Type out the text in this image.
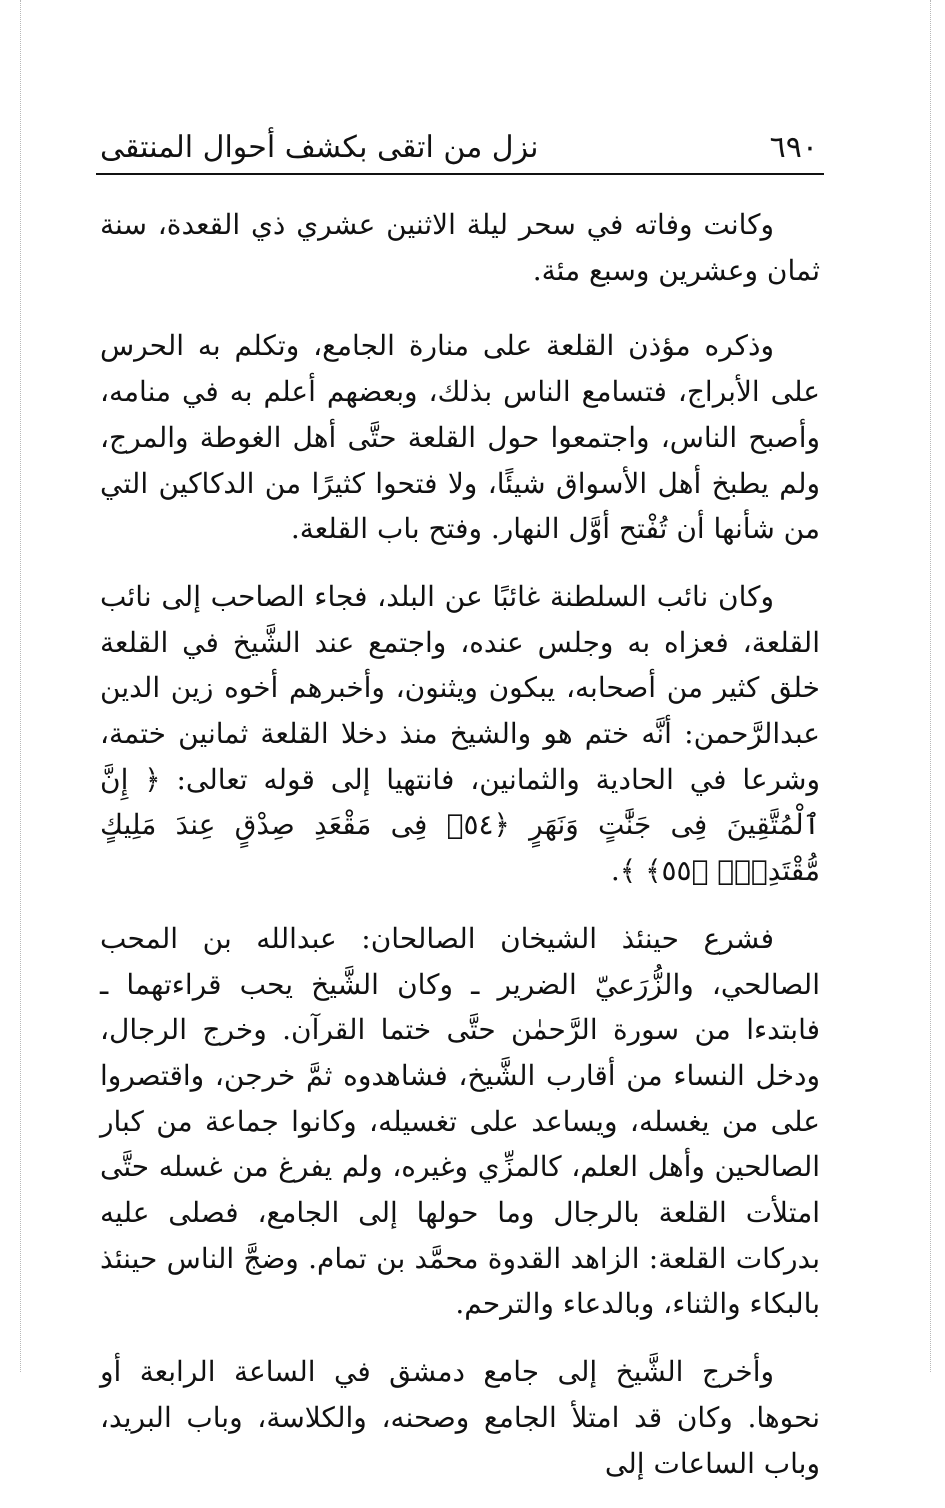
٦٩٠
نزل من اتقى بكشف أحوال المنتقى

وكانت وفاته في سحر ليلة الاثنين عشري ذي القعدة، سنة ثمان وعشرين وسبع مئة.

وذكره مؤذن القلعة على منارة الجامع، وتكلم به الحرس على الأبراج، فتسامع الناس بذلك، وبعضهم أعلم به في منامه، وأصبح الناس، واجتمعوا حول القلعة حتَّى أهل الغوطة والمرج، ولم يطبخ أهل الأسواق شيئًا، ولا فتحوا كثيرًا من الدكاكين التي من شأنها أن تُفْتح أوَّل النهار. وفتح باب القلعة.

وكان نائب السلطنة غائبًا عن البلد، فجاء الصاحب إلى نائب القلعة، فعزاه به وجلس عنده، واجتمع عند الشَّيخ في القلعة خلق كثير من أصحابه، يبكون ويثنون، وأخبرهم أخوه زين الدين عبدالرَّحمن: أنَّه ختم هو والشيخ منذ دخلا القلعة ثمانين ختمة، وشرعا في الحادية والثمانين، فانتهيا إلى قوله تعالى: ﴿ إِنَّ ٱلْمُتَّقِينَ فِى جَنَّٰتٍ وَنَهَرٍ ﴿٥٤﴾ فِى مَقْعَدِ صِدْقٍ عِندَ مَلِيكٍ مُّقْتَدِرٍۭ ﴿٥٥﴾ ﴾.

فشرع حينئذ الشيخان الصالحان: عبدالله بن المحب الصالحي، والزُّرَعيّ الضرير ـ وكان الشَّيخ يحب قراءتهما ـ فابتدءا من سورة الرَّحمٰن حتَّى ختما القرآن. وخرج الرجال، ودخل النساء من أقارب الشَّيخ، فشاهدوه ثمَّ خرجن، واقتصروا على من يغسله، ويساعد على تغسيله، وكانوا جماعة من كبار الصالحين وأهل العلم، كالمزِّي وغيره، ولم يفرغ من غسله حتَّى امتلأت القلعة بالرجال وما حولها إلى الجامع، فصلى عليه بدركات القلعة: الزاهد القدوة محمَّد بن تمام. وضجَّ الناس حينئذ بالبكاء والثناء، وبالدعاء والترحم.

وأخرج الشَّيخ إلى جامع دمشق في الساعة الرابعة أو نحوها. وكان قد امتلأ الجامع وصحنه، والكلاسة، وباب البريد، وباب الساعات إلى
